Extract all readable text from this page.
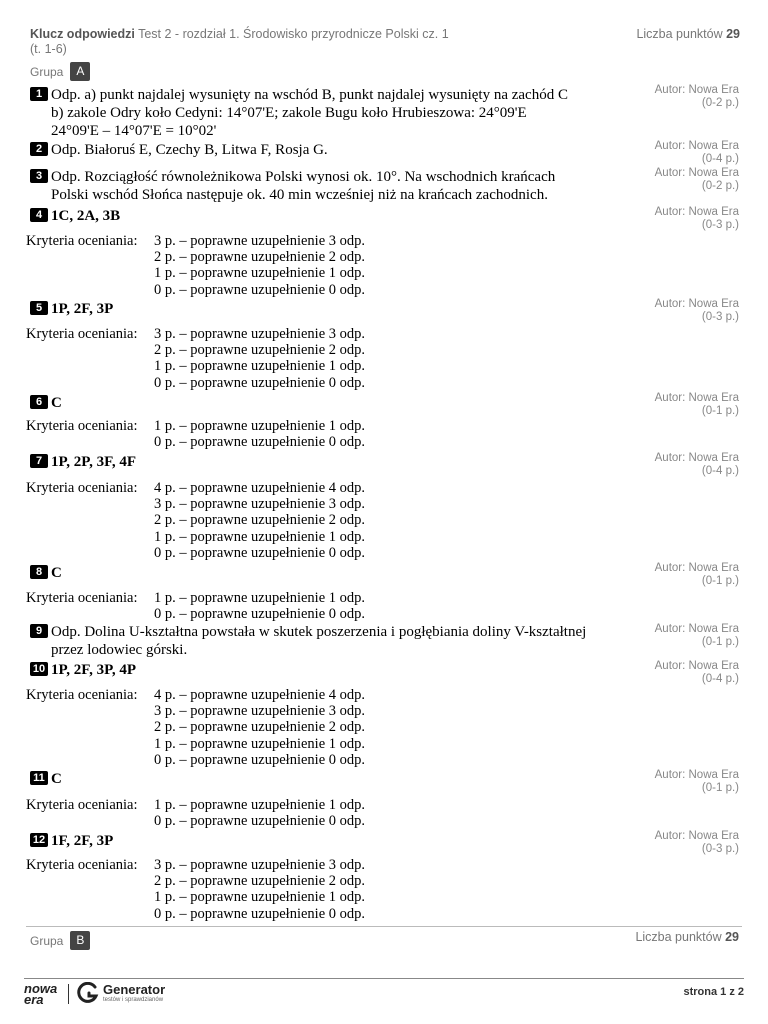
Klucz odpowiedzi Test 2 - rozdział 1. Środowisko przyrodnicze Polski cz. 1
(t. 1-6)
Liczba punktów 29
Grupa	A
1 Odp. a) punkt najdalej wysunięty na wschód B, punkt najdalej wysunięty na zachód C
b) zakole Odry koło Cedyni: 14°07'E; zakole Bugu koło Hrubieszowa: 24°09'E
24°09'E – 14°07'E = 10°02'
Autor: Nowa Era
(0-2 p.)
2 Odp. Białoruś E, Czechy B, Litwa F, Rosja G.	Autor: Nowa Era
(0-4 p.)
3 Odp. Rozciągłość równoleżnikowa Polski wynosi ok. 10°. Na wschodnich krańcach
Polski wschód Słońca następuje ok. 40 min wcześniej niż na krańcach zachodnich.
Autor: Nowa Era
(0-2 p.)
4 1C, 2A, 3B	Autor: Nowa Era
(0-3 p.)
Kryteria oceniania: 3 p. – poprawne uzupełnienie 3 odp.
2 p. – poprawne uzupełnienie 2 odp.
1 p. – poprawne uzupełnienie 1 odp.
0 p. – poprawne uzupełnienie 0 odp.
5 1P, 2F, 3P	Autor: Nowa Era
(0-3 p.)
Kryteria oceniania: 3 p. – poprawne uzupełnienie 3 odp.
2 p. – poprawne uzupełnienie 2 odp.
1 p. – poprawne uzupełnienie 1 odp.
0 p. – poprawne uzupełnienie 0 odp.
6 C	Autor: Nowa Era
(0-1 p.)
Kryteria oceniania: 1 p. – poprawne uzupełnienie 1 odp.
0 p. – poprawne uzupełnienie 0 odp.
7 1P, 2P, 3F, 4F	Autor: Nowa Era
(0-4 p.)
Kryteria oceniania: 4 p. – poprawne uzupełnienie 4 odp.
3 p. – poprawne uzupełnienie 3 odp.
2 p. – poprawne uzupełnienie 2 odp.
1 p. – poprawne uzupełnienie 1 odp.
0 p. – poprawne uzupełnienie 0 odp.
8 C	Autor: Nowa Era
(0-1 p.)
Kryteria oceniania: 1 p. – poprawne uzupełnienie 1 odp.
0 p. – poprawne uzupełnienie 0 odp.
9 Odp. Dolina U-kształtna powstała w skutek poszerzenia i pogłębiania doliny V-kształtnej
przez lodowiec górski.
Autor: Nowa Era
(0-1 p.)
10 1P, 2F, 3P, 4P	Autor: Nowa Era
(0-4 p.)
Kryteria oceniania: 4 p. – poprawne uzupełnienie 4 odp.
3 p. – poprawne uzupełnienie 3 odp.
2 p. – poprawne uzupełnienie 2 odp.
1 p. – poprawne uzupełnienie 1 odp.
0 p. – poprawne uzupełnienie 0 odp.
11 C	Autor: Nowa Era
(0-1 p.)
Kryteria oceniania: 1 p. – poprawne uzupełnienie 1 odp.
0 p. – poprawne uzupełnienie 0 odp.
12 1F, 2F, 3P	Autor: Nowa Era
(0-3 p.)
Kryteria oceniania: 3 p. – poprawne uzupełnienie 3 odp.
2 p. – poprawne uzupełnienie 2 odp.
1 p. – poprawne uzupełnienie 1 odp.
0 p. – poprawne uzupełnienie 0 odp.
Grupa	B	Liczba punktów 29
nowa
era
Generator
testów i sprawdzianów
strona 1 z 2
